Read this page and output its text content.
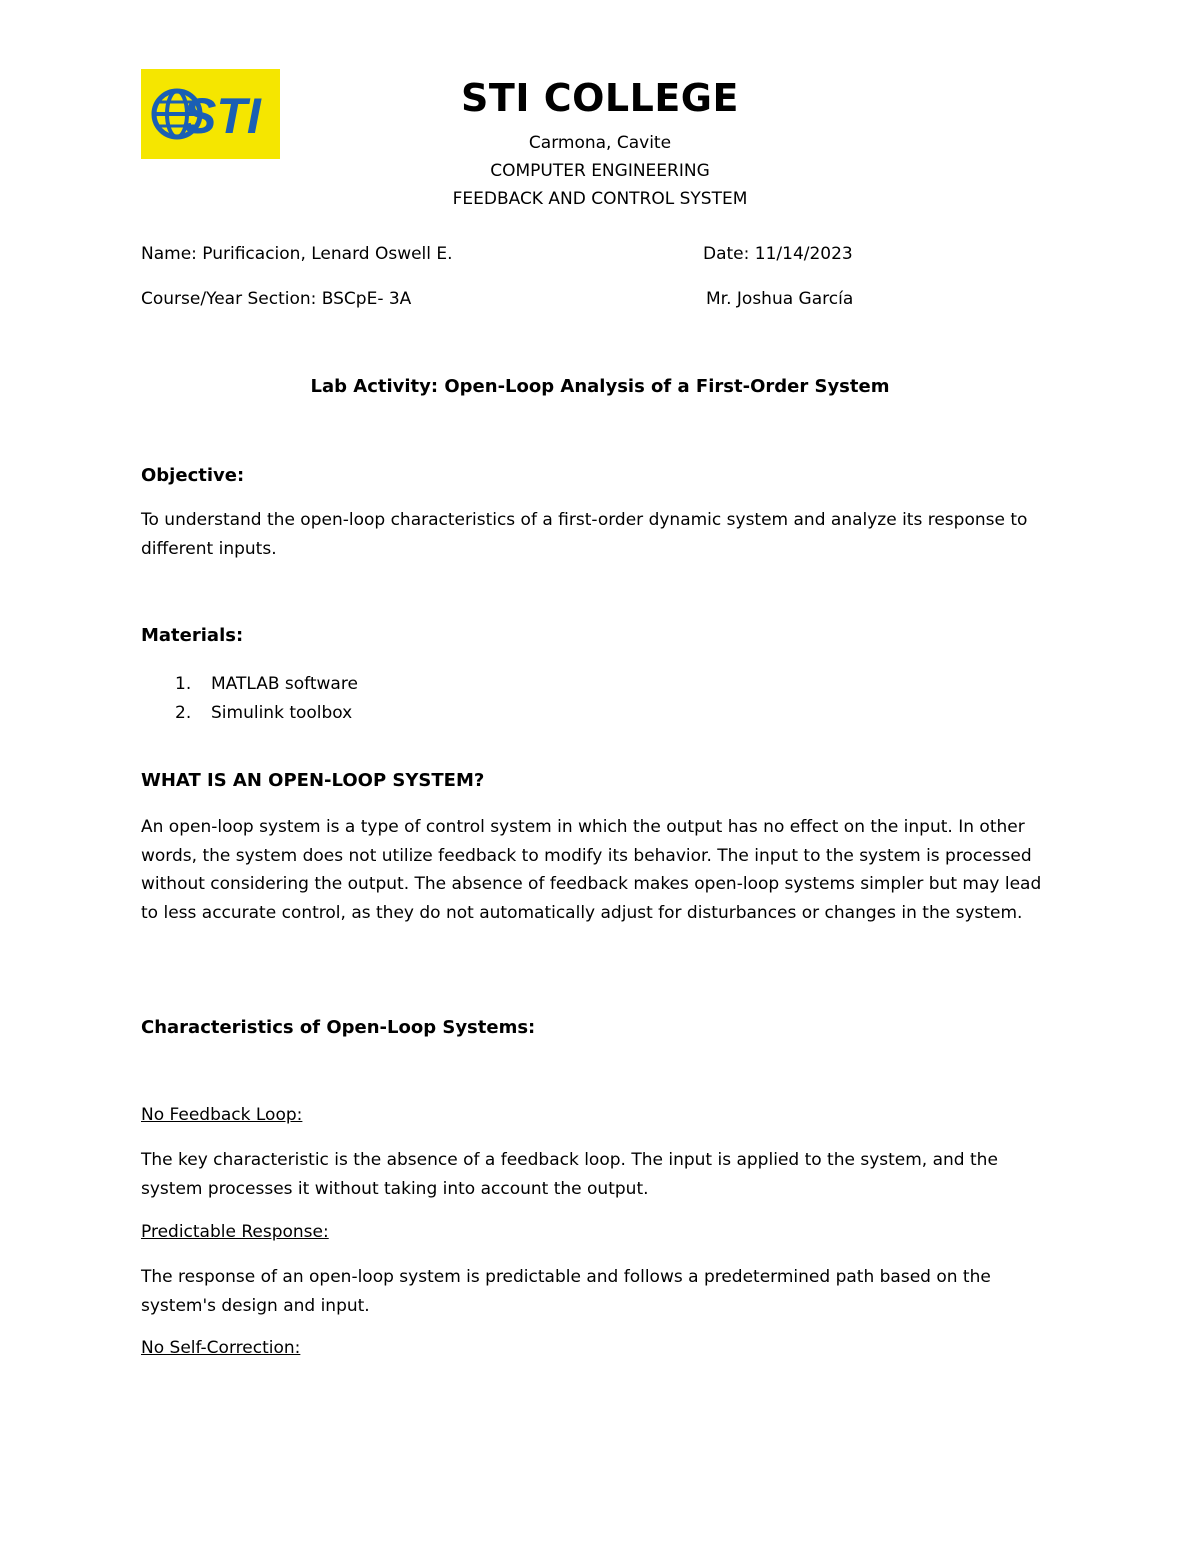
STI	STI COLLEGE
Carmona, Cavite
COMPUTER ENGINEERING
FEEDBACK AND CONTROL SYSTEM
Name: Purificacion, Lenard Oswell E.	Date: 11/14/2023
Course/Year Section: BSCpE- 3A	Mr. Joshua García
Lab Activity: Open-Loop Analysis of a First-Order System
Objective:
To understand the open-loop characteristics of a first-order dynamic system and analyze its response to different inputs.
Materials:
1. MATLAB software
2. Simulink toolbox
WHAT IS AN OPEN-LOOP SYSTEM?
An open-loop system is a type of control system in which the output has no effect on the input. In other words, the system does not utilize feedback to modify its behavior. The input to the system is processed without considering the output. The absence of feedback makes open-loop systems simpler but may lead to less accurate control, as they do not automatically adjust for disturbances or changes in the system.
Characteristics of Open-Loop Systems:
No Feedback Loop:
The key characteristic is the absence of a feedback loop. The input is applied to the system, and the system processes it without taking into account the output.
Predictable Response:
The response of an open-loop system is predictable and follows a predetermined path based on the system's design and input.
No Self-Correction:
